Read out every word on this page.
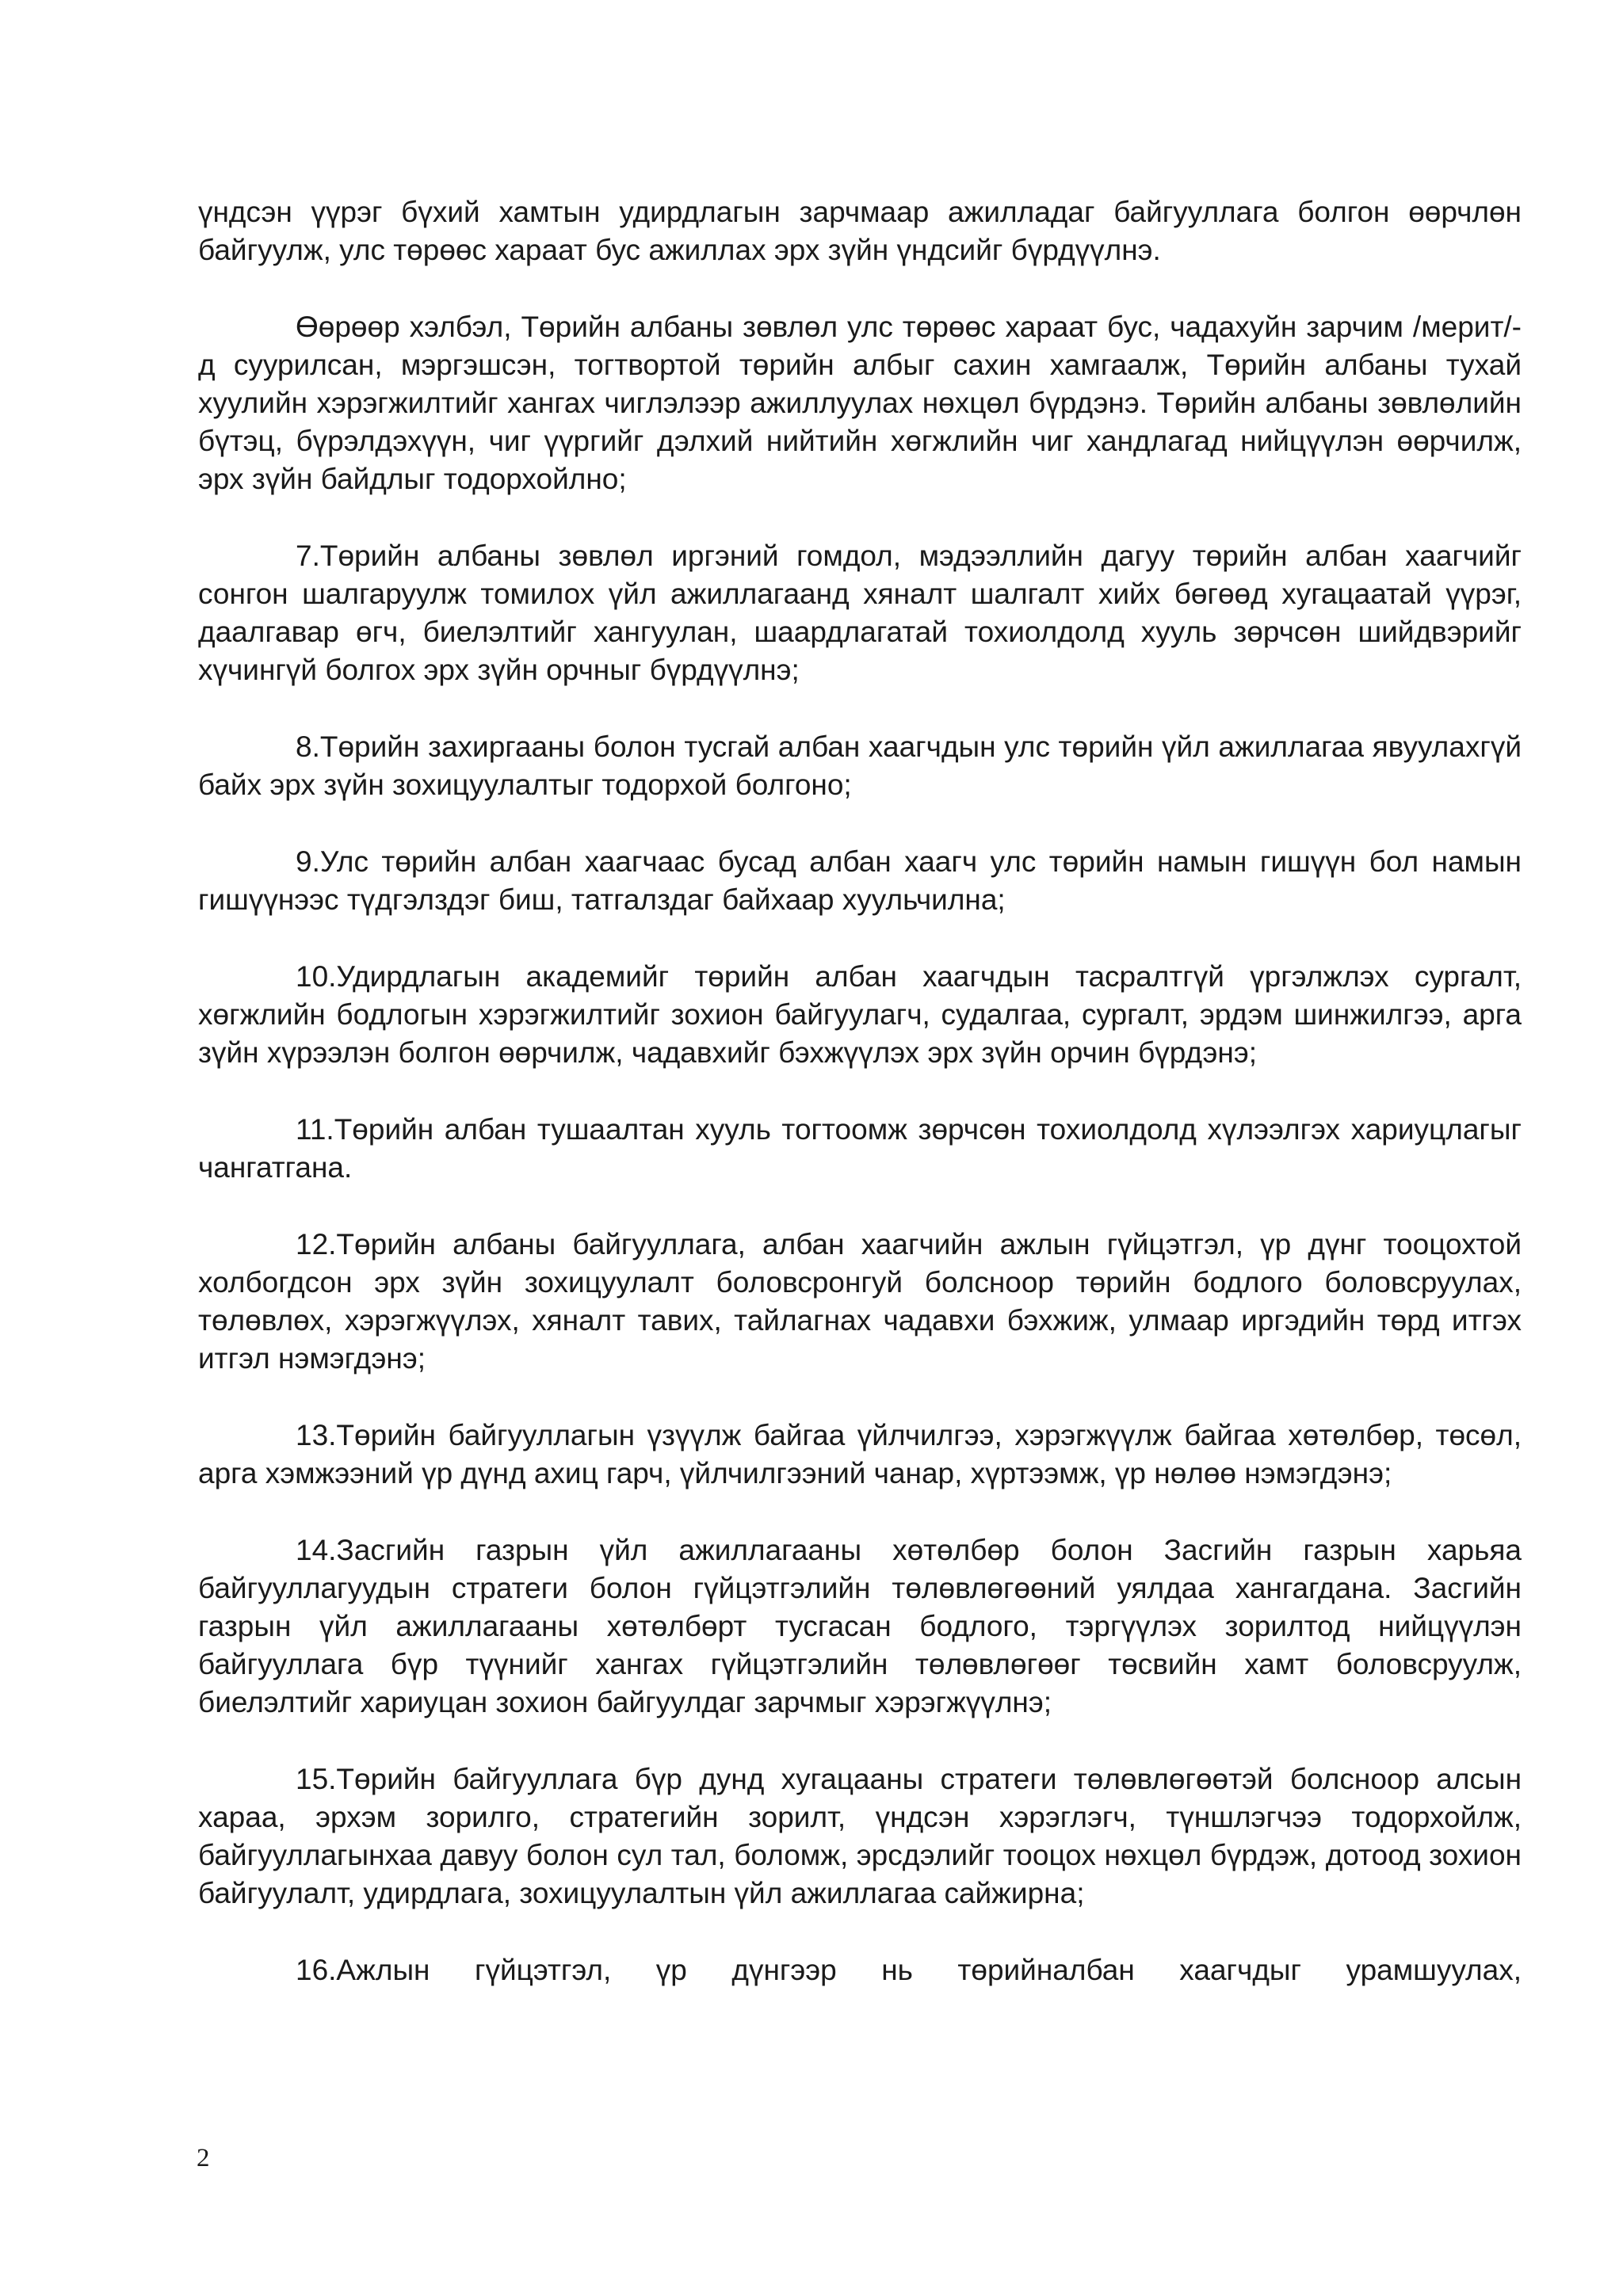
үндсэн үүрэг бүхий хамтын удирдлагын зарчмаар ажилладаг байгууллага болгон өөрчлөн байгуулж, улс төрөөс хараат бус ажиллах эрх зүйн үндсийг бүрдүүлнэ.

Өөрөөр хэлбэл, Төрийн албаны зөвлөл улс төрөөс хараат бус, чадахуйн зарчим /мерит/-д суурилсан, мэргэшсэн, тогтвортой төрийн албыг сахин хамгаалж, Төрийн албаны тухай хуулийн хэрэгжилтийг хангах чиглэлээр ажиллуулах нөхцөл бүрдэнэ. Төрийн албаны зөвлөлийн бүтэц, бүрэлдэхүүн, чиг үүргийг дэлхий нийтийн хөгжлийн чиг хандлагад нийцүүлэн өөрчилж, эрх зүйн байдлыг тодорхойлно;

7.Төрийн албаны зөвлөл иргэний гомдол, мэдээллийн дагуу төрийн албан хаагчийг сонгон шалгаруулж томилох үйл ажиллагаанд хяналт шалгалт хийх бөгөөд хугацаатай үүрэг, даалгавар өгч, биелэлтийг хангуулан, шаардлагатай тохиолдолд хууль зөрчсөн шийдвэрийг хүчингүй болгох эрх зүйн орчныг бүрдүүлнэ;

8.Төрийн захиргааны болон тусгай албан хаагчдын улс төрийн үйл ажиллагаа явуулахгүй байх эрх зүйн зохицуулалтыг тодорхой болгоно;

9.Улс төрийн албан хаагчаас бусад албан хаагч улс төрийн намын гишүүн бол намын гишүүнээс түдгэлздэг биш, татгалздаг байхаар хуульчилна;

10.Удирдлагын академийг төрийн албан хаагчдын тасралтгүй үргэлжлэх сургалт, хөгжлийн бодлогын хэрэгжилтийг зохион байгуулагч, судалгаа, сургалт, эрдэм шинжилгээ, арга зүйн хүрээлэн болгон өөрчилж, чадавхийг бэхжүүлэх эрх зүйн орчин бүрдэнэ;

11.Төрийн албан тушаалтан хууль тогтоомж зөрчсөн тохиолдолд хүлээлгэх хариуцлагыг чангатгана.

12.Төрийн албаны байгууллага, албан хаагчийн ажлын гүйцэтгэл, үр дүнг тооцохтой холбогдсон эрх зүйн зохицуулалт боловсронгуй болсноор төрийн бодлого боловсруулах, төлөвлөх, хэрэгжүүлэх, хяналт тавих, тайлагнах чадавхи бэхжиж, улмаар иргэдийн төрд итгэх итгэл нэмэгдэнэ;

13.Төрийн байгууллагын үзүүлж байгаа үйлчилгээ, хэрэгжүүлж байгаа хөтөлбөр, төсөл, арга хэмжээний үр дүнд ахиц гарч, үйлчилгээний чанар, хүртээмж, үр нөлөө нэмэгдэнэ;

14.Засгийн газрын үйл ажиллагааны хөтөлбөр болон Засгийн газрын харьяа байгууллагуудын стратеги болон гүйцэтгэлийн төлөвлөгөөний уялдаа хангагдана. Засгийн газрын үйл ажиллагааны хөтөлбөрт тусгасан бодлого, тэргүүлэх зорилтод нийцүүлэн байгууллага бүр түүнийг хангах гүйцэтгэлийн төлөвлөгөөг төсвийн хамт боловсруулж, биелэлтийг хариуцан зохион байгуулдаг зарчмыг хэрэгжүүлнэ;

15.Төрийн байгууллага бүр дунд хугацааны стратеги төлөвлөгөөтэй болсноор алсын хараа, эрхэм зорилго, стратегийн зорилт, үндсэн хэрэглэгч, түншлэгчээ тодорхойлж, байгууллагынхаа давуу болон сул тал, боломж, эрсдэлийг тооцох нөхцөл бүрдэж, дотоод зохион байгуулалт, удирдлага, зохицуулалтын үйл ажиллагаа сайжирна;

16.Ажлын гүйцэтгэл, үр дүнгээр нь төрийналбан хаагчдыг урамшуулах,

2
